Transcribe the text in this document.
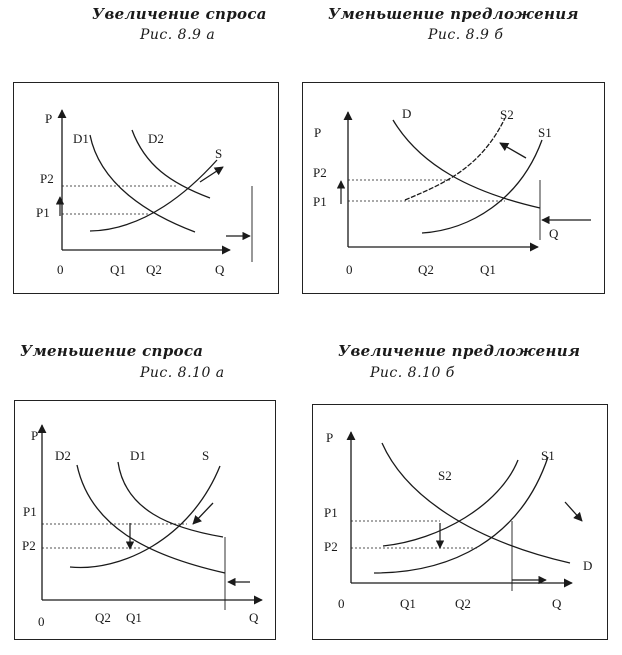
Увеличение спроса
Рис. 8.9 а
Уменьшение предложения
Рис. 8.9 б
Уменьшение спроса
Рис. 8.10 а
Увеличение предложения
Рис. 8.10 б
P
D1	D2
S
P2
P1
0	Q1 Q2	Q
P
D	S2
S1
P2
P1
0	Q2	Q1
Q
P
D2	D1	S
P1
P2
0	Q2 Q1	Q
P
S2
S1
D
P1
P2
0	Q1	Q2	Q
